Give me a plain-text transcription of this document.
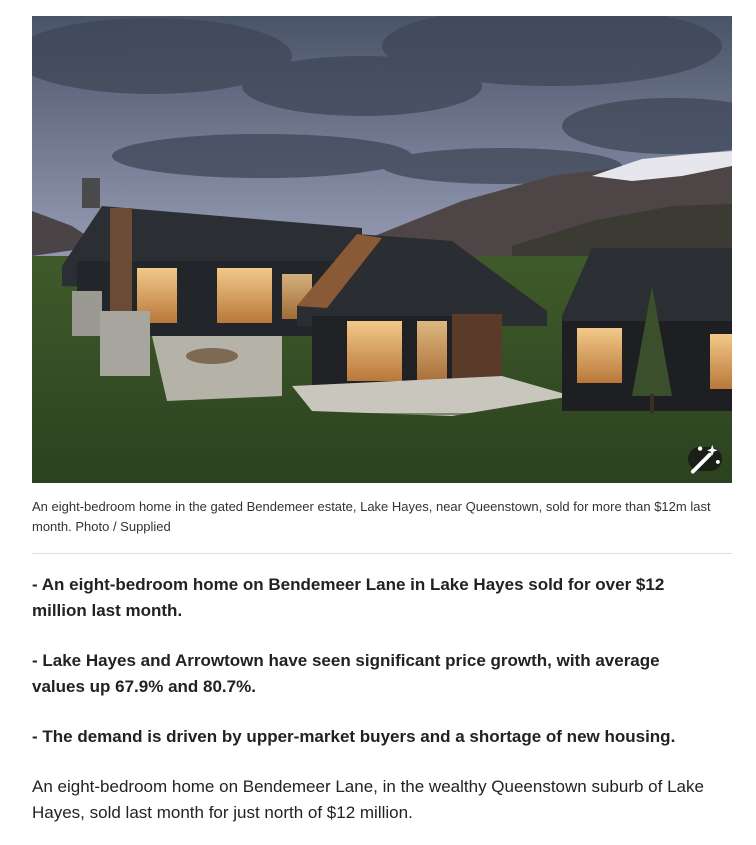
An eight-bedroom home in the gated Bendemeer estate, Lake Hayes, near Queenstown, sold for more than $12m last month. Photo / Supplied
- An eight-bedroom home on Bendemeer Lane in Lake Hayes sold for over $12 million last month.
- Lake Hayes and Arrowtown have seen significant price growth, with average values up 67.9% and 80.7%.
- The demand is driven by upper-market buyers and a shortage of new housing.

An eight-bedroom home on Bendemeer Lane, in the wealthy Queenstown suburb of Lake Hayes, sold last month for just north of $12 million.
